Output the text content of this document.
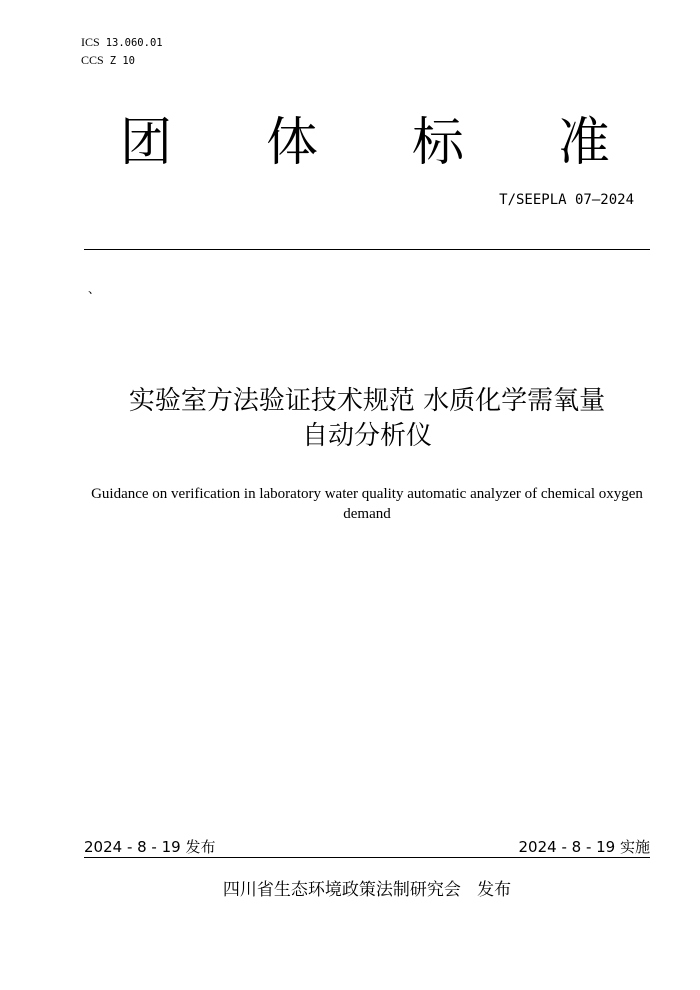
ICS 13.060.01
CCS Z 10
团 体 标 准
T/SEEPLA 07—2024
、
实验室方法验证技术规范 水质化学需氧量
自动分析仪
Guidance on verification in laboratory water quality automatic analyzer of chemical oxygen demand
2024 - 8 - 19 发布	2024 - 8 - 19 实施
四川省生态环境政策法制研究会   发布
